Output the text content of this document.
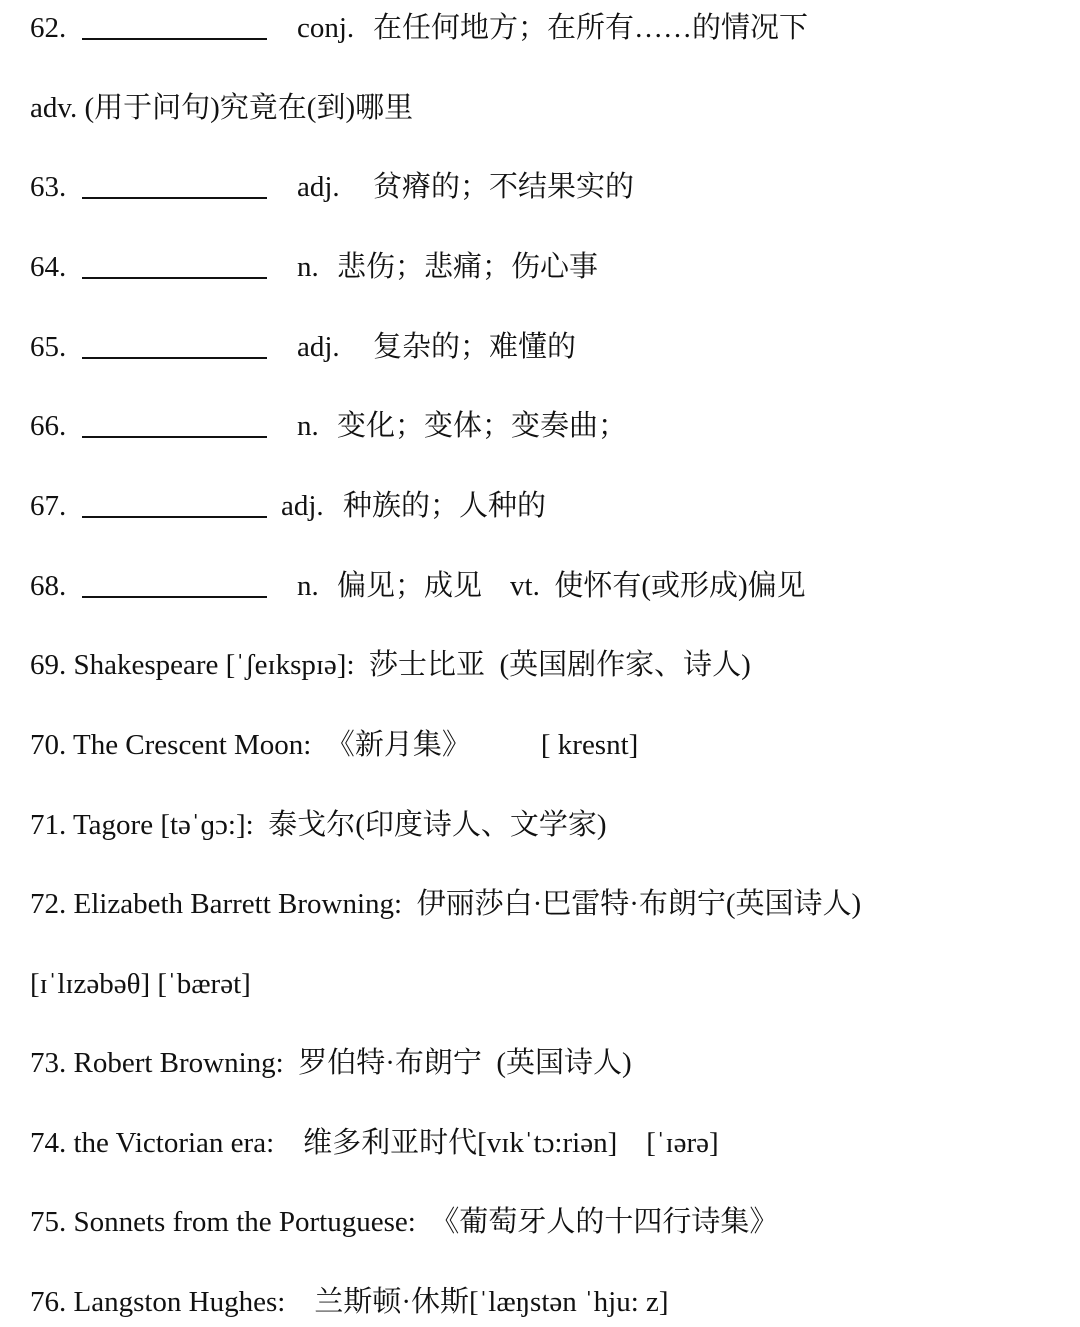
62.	conj. 在任何地方；在所有……的情况下
adv. (用于问句)究竟在(到)哪里
63.	adj. 贫瘠的；不结果实的
64.	n. 悲伤；悲痛；伤心事
65.	adj. 复杂的；难懂的
66.	n. 变化；变体；变奏曲；
67.	adj. 种族的；人种的
68.	n. 偏见；成见 vt. 使怀有(或形成)偏见
69. Shakespeare [ˈʃeɪkspɪə]:  莎士比亚  (英国剧作家、诗人)
70. The Crescent Moon:  《新月集》 [ kresnt]
71. Tagore [təˈɡɔ:]:  泰戈尔(印度诗人、文学家)
72. Elizabeth Barrett Browning:  伊丽莎白·巴雷特·布朗宁(英国诗人)
[ɪˈlɪzəbəθ] [ˈbærət]
73. Robert Browning:  罗伯特·布朗宁  (英国诗人)
74. the Victorian era:    维多利亚时代[vɪkˈtɔ:riən]    [ˈɪərə]
75. Sonnets from the Portuguese:  《葡萄牙人的十四行诗集》
76. Langston Hughes:    兰斯顿·休斯[ˈlæŋstən ˈhju: z]
